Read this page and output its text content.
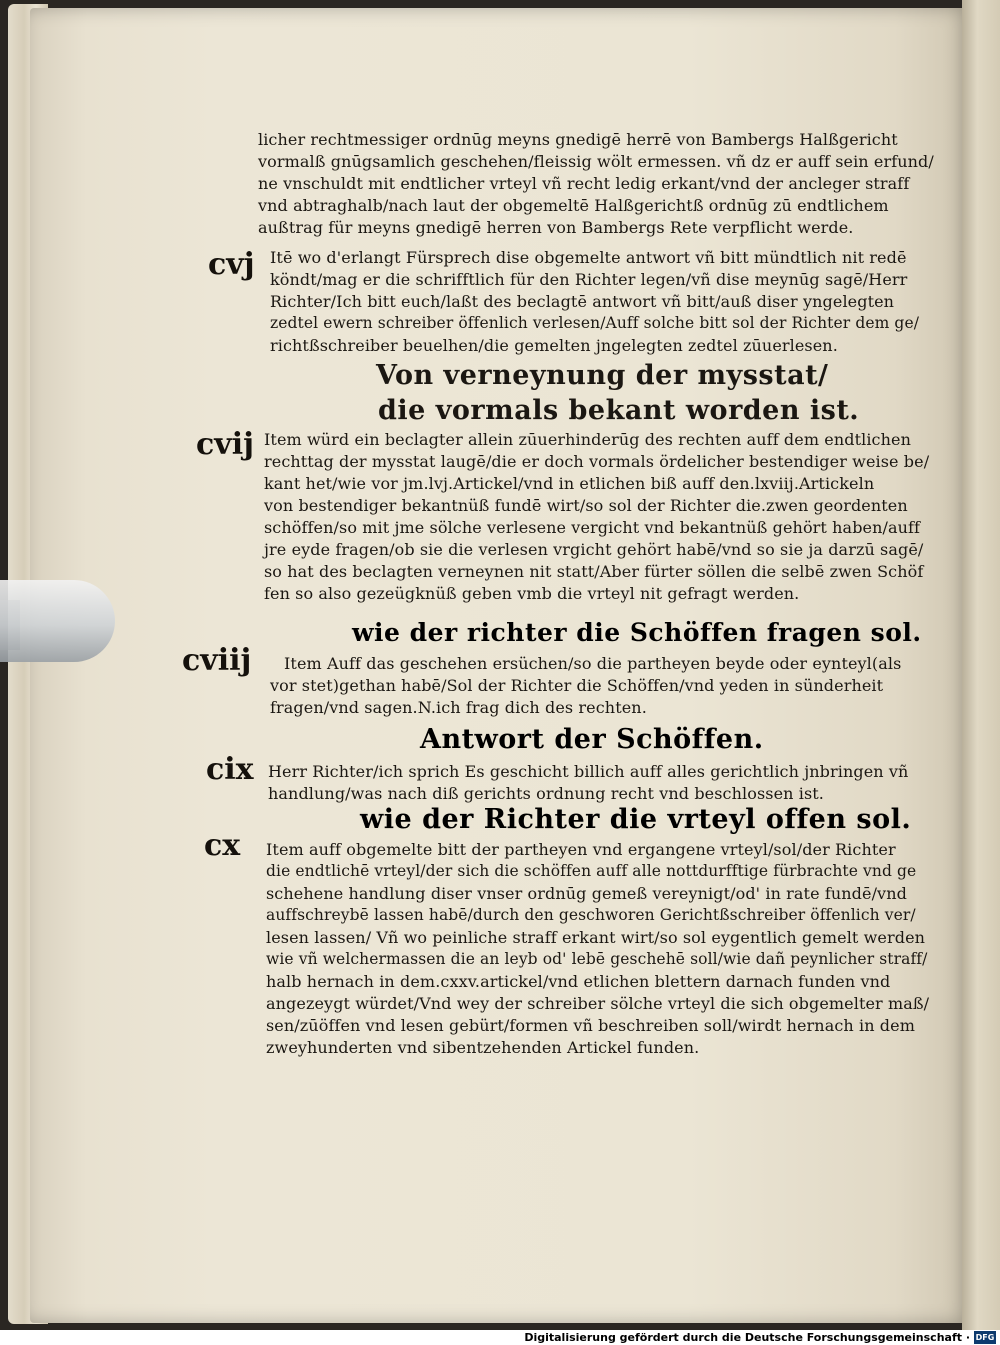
licher rechtmessiger ordnūg meyns gnedigē herrē von Bambergs Halßgericht
vormalß gnūgsamlich geschehen/fleissig wölt ermessen. vñ dz er auff sein erfund/
ne vnschuldt mit endtlicher vrteyl vñ recht ledig erkant/vnd der ancleger straff
vnd abtraghalb/nach laut der obgemeltē Halßgerichtß ordnūg zū endtlichem
außtrag für meyns gnedigē herren von Bambergs Rete verpflicht werde.
cvj Itē wo d'erlangt Fürsprech dise obgemelte antwort vñ bitt mündtlich nit redē
köndt/mag er die schrifftlich für den Richter legen/vñ dise meynūg sagē/Herr
Richter/Ich bitt euch/laßt des beclagtē antwort vñ bitt/auß diser yngelegten
zedtel ewern schreiber öffenlich verlesen/Auff solche bitt sol der Richter dem ge/
richtßschreiber beuelhen/die gemelten jngelegten zedtel zūuerlesen.
Von verneynung der mysstat/
die vormals bekant worden ist.
cvij Item würd ein beclagter allein zūuerhinderūg des rechten auff dem endtlichen
rechttag der mysstat laugē/die er doch vormals ördelicher bestendiger weise be/
kant het/wie vor jm.lvj.Artickel/vnd in etlichen biß auff den.lxviij.Artickeln
von bestendiger bekantnüß fundē wirt/so sol der Richter die.zwen geordenten
schöffen/so mit jme sölche verlesene vergicht vnd bekantnüß gehört haben/auff
jre eyde fragen/ob sie die verlesen vrgicht gehört habē/vnd so sie ja darzū sagē/
so hat des beclagten verneynen nit statt/Aber fürter söllen die selbē zwen Schöf
fen so also gezeügknüß geben vmb die vrteyl nit gefragt werden.
wie der richter die Schöffen fragen sol.
cviij Item Auff das geschehen ersüchen/so die partheyen beyde oder eynteyl(als
vor stet)gethan habē/Sol der Richter die Schöffen/vnd yeden in sünderheit
fragen/vnd sagen.N.ich frag dich des rechten.
Antwort der Schöffen.
cix Herr Richter/ich sprich Es geschicht billich auff alles gerichtlich jnbringen vñ
handlung/was nach diß gerichts ordnung recht vnd beschlossen ist.
wie der Richter die vrteyl offen sol.
cx Item auff obgemelte bitt der partheyen vnd ergangene vrteyl/sol/der Richter
die endtlichē vrteyl/der sich die schöffen auff alle nottdurfftige fürbrachte vnd ge
schehene handlung diser vnser ordnūg gemeß vereynigt/od' in rate fundē/vnd
auffschreybē lassen habē/durch den geschworen Gerichtßschreiber öffenlich ver/
lesen lassen/ Vñ wo peinliche straff erkant wirt/so sol eygentlich gemelt werden
wie vñ welchermassen die an leyb od' lebē geschehē soll/wie dañ peynlicher straff/
halb hernach in dem.cxxv.artickel/vnd etlichen blettern darnach funden vnd
angezeygt würdet/Vnd wey der schreiber sölche vrteyl die sich obgemelter maß/
sen/zūöffen vnd lesen gebürt/formen vñ beschreiben soll/wirdt hernach in dem
zweyhunderten vnd sibentzehenden Artickel funden.
Digitalisierung gefördert durch die Deutsche Forschungsgemeinschaft · DFG
